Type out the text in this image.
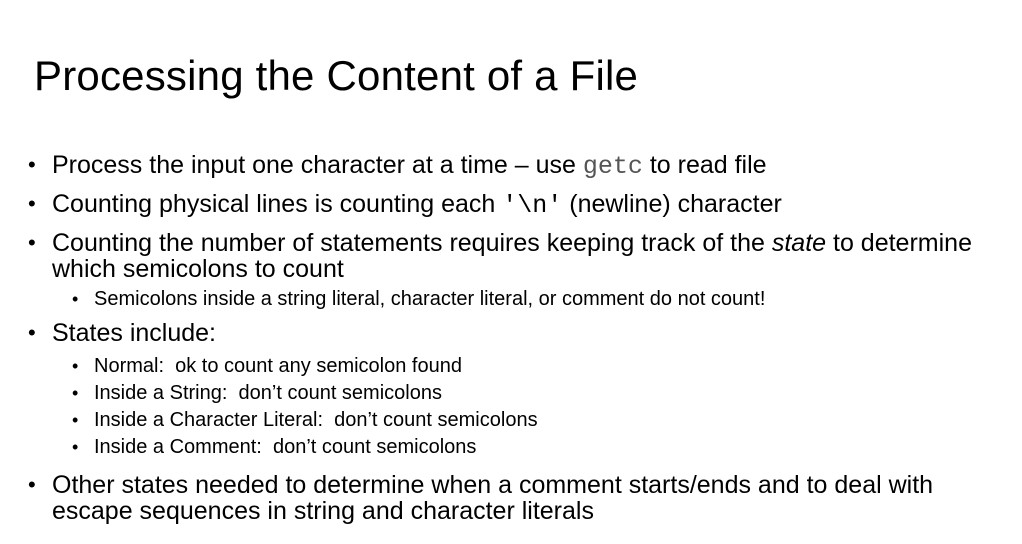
Processing the Content of a File
• Process the input one character at a time – use getc to read file
• Counting physical lines is counting each '\n' (newline) character
• Counting the number of statements requires keeping track of the state to determine which semicolons to count
• Semicolons inside a string literal, character literal, or comment do not count!
• States include:
• Normal:  ok to count any semicolon found
• Inside a String:  don’t count semicolons
• Inside a Character Literal:  don’t count semicolons
• Inside a Comment:  don’t count semicolons
• Other states needed to determine when a comment starts/ends and to deal with escape sequences in string and character literals
